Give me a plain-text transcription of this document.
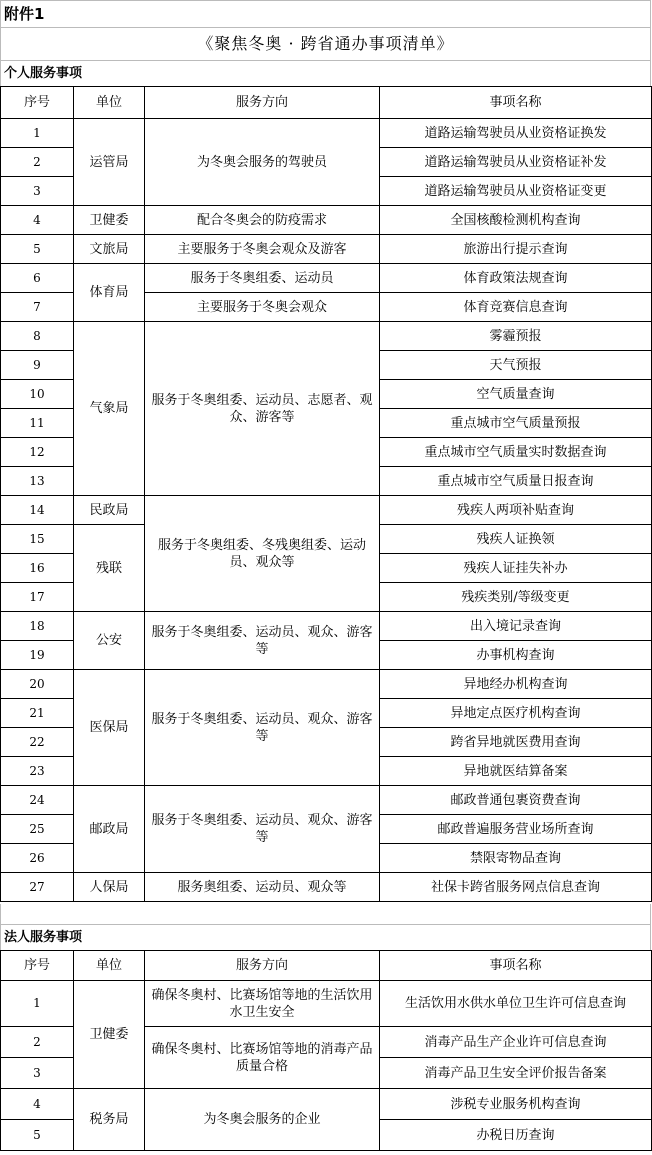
附件1
《聚焦冬奥 · 跨省通办事项清单》
个人服务事项
序号	单位	服务方向	事项名称
1	运管局	为冬奥会服务的驾驶员	道路运输驾驶员从业资格证换发
2			道路运输驾驶员从业资格证补发
3			道路运输驾驶员从业资格证变更
4	卫健委	配合冬奥会的防疫需求	全国核酸检测机构查询
5	文旅局	主要服务于冬奥会观众及游客	旅游出行提示查询
6	体育局	服务于冬奥组委、运动员	体育政策法规查询
7		主要服务于冬奥会观众	体育竞赛信息查询
8	气象局	服务于冬奥组委、运动员、志愿者、观众、游客等	雾霾预报
9			天气预报
10			空气质量查询
11			重点城市空气质量预报
12			重点城市空气质量实时数据查询
13			重点城市空气质量日报查询
14	民政局	服务于冬奥组委、冬残奥组委、运动员、观众等	残疾人两项补贴查询
15	残联		残疾人证换领
16			残疾人证挂失补办
17			残疾类别/等级变更
18	公安	服务于冬奥组委、运动员、观众、游客等	出入境记录查询
19			办事机构查询
20	医保局	服务于冬奥组委、运动员、观众、游客等	异地经办机构查询
21			异地定点医疗机构查询
22			跨省异地就医费用查询
23			异地就医结算备案
24	邮政局	服务于冬奥组委、运动员、观众、游客等	邮政普通包裹资费查询
25			邮政普遍服务营业场所查询
26			禁限寄物品查询
27	人保局	服务奥组委、运动员、观众等	社保卡跨省服务网点信息查询
法人服务事项
序号	单位	服务方向	事项名称
1	卫健委	确保冬奥村、比赛场馆等地的生活饮用水卫生安全	生活饮用水供水单位卫生许可信息查询
2		确保冬奥村、比赛场馆等地的消毒产品质量合格	消毒产品生产企业许可信息查询
3			消毒产品卫生安全评价报告备案
4	税务局	为冬奥会服务的企业	涉税专业服务机构查询
5			办税日历查询
